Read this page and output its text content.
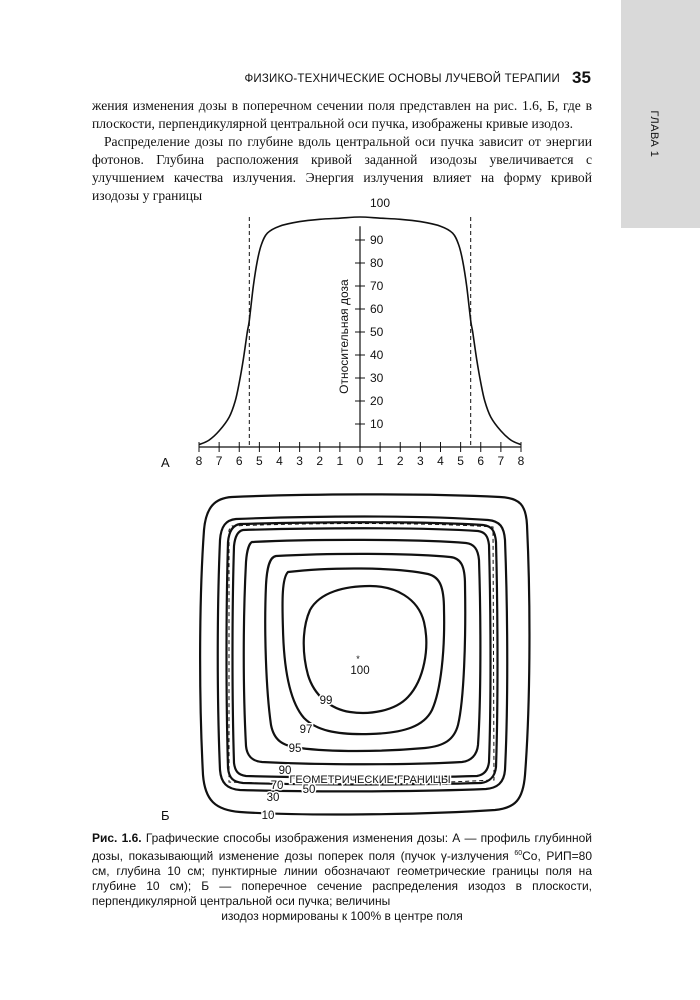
ГЛАВА 1
ФИЗИКО-ТЕХНИЧЕСКИЕ ОСНОВЫ ЛУЧЕВОЙ ТЕРАПИИ 35

жения изменения дозы в поперечном сечении поля представлен на рис. 1.6, Б, где в плоскости, перпендикулярной центральной оси пучка, изображены кривые изодоз.

Распределение дозы по глубине вдоль центральной оси пучка зависит от энергии фотонов. Глубина расположения кривой заданной изодозы увеличивается с улучшением качества излучения. Энергия излучения влияет на форму кривой изодозы у границы

8 7 6 5 4 3 2 1 0 1 2 3 4 5 6 7 8
10
20
30
40
50
60
70
80
90
100
Относительная доза
А
*
100
99
97
95
90
70 50
30
10
ГЕОМЕТРИЧЕСКИЕ ГРАНИЦЫ
Б
Рис. 1.6. Графические способы изображения изменения дозы: А — профиль глубинной дозы, показывающий изменение дозы поперек поля (пучок γ-излучения $^{60}$Co, РИП=80 см, глубина 10 см; пунктирные линии обозначают геометрические границы поля на глубине 10 см); Б — поперечное сечение распределения изодоз в плоскости, перпендикулярной центральной оси пучка; величины
изодоз нормированы к 100% в центре поля
